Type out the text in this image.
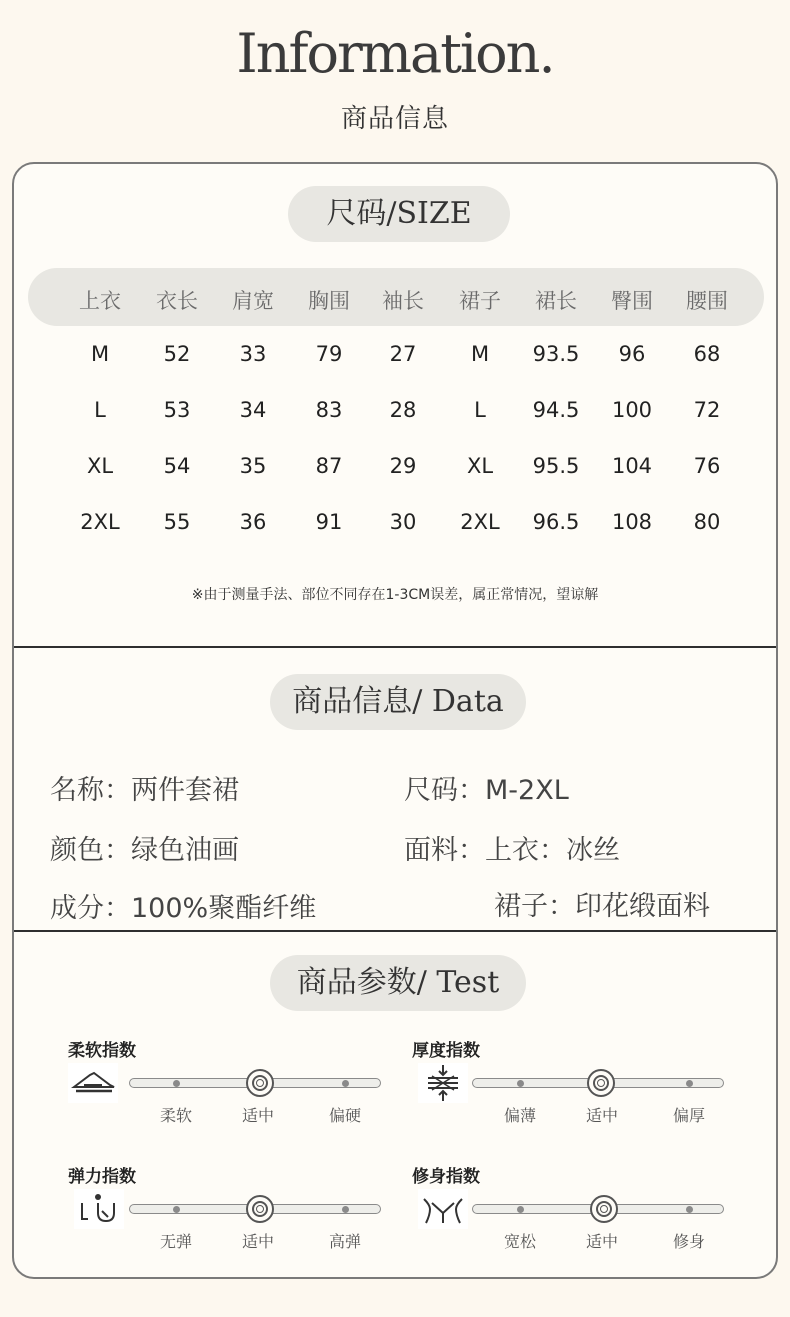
Information.
商品信息
尺码/SIZE
上衣	衣长	肩宽	胸围	袖长	裙子	裙长	臀围	腰围
M	52	33	79	27	M	93.5	96	68
L	53	34	83	28	L	94.5	100	72
XL	54	35	87	29	XL	95.5	104	76
2XL	55	36	91	30	2XL	96.5	108	80
※由于测量手法、部位不同存在1-3CM误差，属正常情况，望谅解
商品信息/ Data
名称：两件套裙	尺码：M-2XL
颜色：绿色油画	面料：上衣：冰丝
成分：100%聚酯纤维	裙子：印花缎面料
商品参数/ Test
柔软指数
柔软	适中	偏硬
厚度指数
偏薄	适中	偏厚
弹力指数
无弹	适中	高弹
修身指数
宽松	适中	修身
